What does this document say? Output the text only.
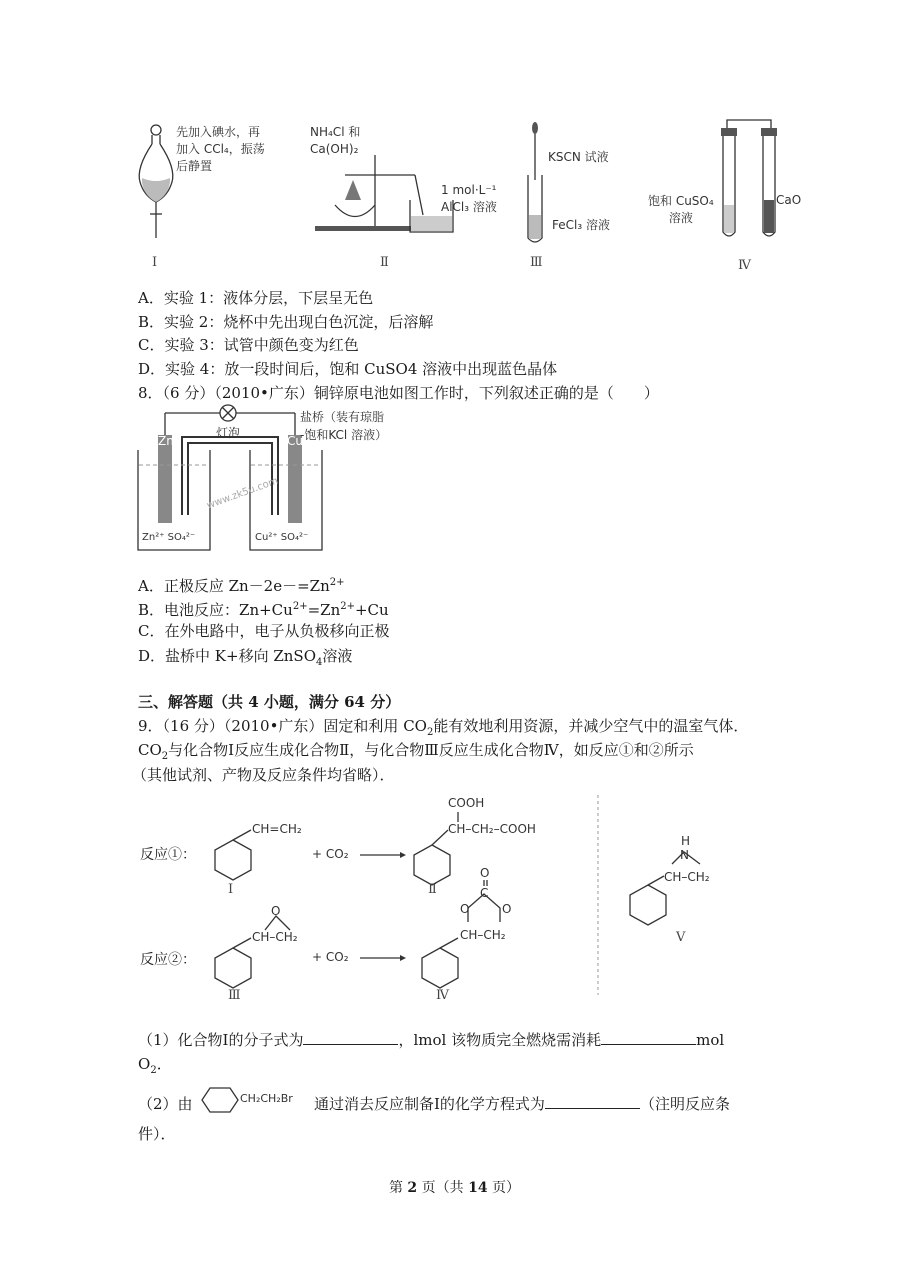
先加入碘水，再
加入 CCl₄，振荡
后静置
Ⅰ
NH₄Cl 和
Ca(OH)₂
1 mol·L⁻¹
AlCl₃ 溶液
Ⅱ
KSCN 试液
FeCl₃ 溶液
Ⅲ
饱和 CuSO₄
溶液
CaO
Ⅳ
A．实验 1：液体分层，下层呈无色
B．实验 2：烧杯中先出现白色沉淀，后溶解
C．实验 3：试管中颜色变为红色
D．实验 4：放一段时间后，饱和 CuSO4 溶液中出现蓝色晶体
8．（6 分）（2010•广东）铜锌原电池如图工作时，下列叙述正确的是（　　）
Zn	Cu
灯泡
盐桥（装有琼脂
-饱和KCl 溶液）
Zn²⁺ SO₄²⁻	Cu²⁺ SO₄²⁻
www.zk5u.com
A．正极反应 $Zn-2e-=Zn^{2+}$
B．电池反应：$Zn+Cu^{2+}=Zn^{2+}+Cu$
C．在外电路中，电子从负极移向正极
D．盐桥中 K+移向 ZnSO$_4$溶液
三、解答题（共 4 小题，满分 64 分）
9．（16 分）（2010•广东）固定和利用 $CO_2$能有效地利用资源，并减少空气中的温室气体．
$CO_2$与化合物Ⅰ反应生成化合物Ⅱ，与化合物Ⅲ反应生成化合物Ⅳ，如反应①和②所示
（其他试剂、产物及反应条件均省略）．
反应①：
CH=CH₂
+ CO₂
COOH
CH–CH₂–COOH
反应②：
O
CH–CH₂
+ CO₂
O
C
O	O
CH–CH₂
H
N
CH–CH₂
Ⅰ	Ⅱ
Ⅲ	Ⅳ
Ⅴ
（1）化合物Ⅰ的分子式为	，lmol 该物质完全燃烧需消耗	mol
$O_2$．
（2）由	CH₂CH₂Br 通过消去反应制备Ⅰ的化学方程式为	（注明反应条
件）．
第 2 页（共 14 页）
